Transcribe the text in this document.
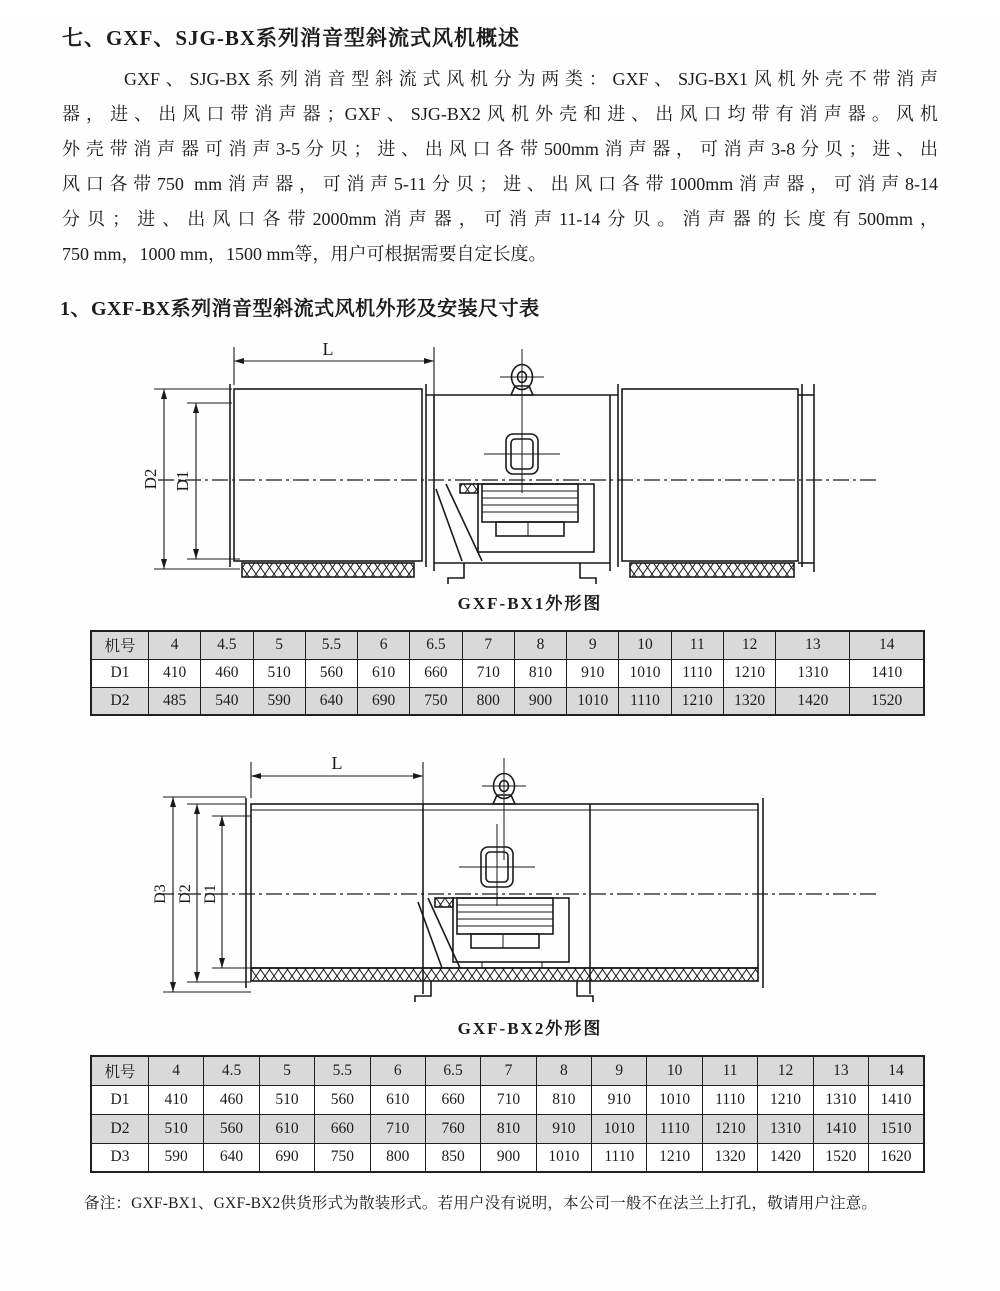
七、GXF、SJG-BX系列消音型斜流式风机概述
GXF、SJG-BX系列消音型斜流式风机分为两类：GXF、SJG-BX1风机外壳不带消声
器，进、出风口带消声器；GXF、SJG-BX2风机外壳和进、出风口均带有消声器。风机
外壳带消声器可消声3-5分贝；进、出风口各带500mm消声器，可消声3-8分贝；进、出
风口各带750 mm消声器，可消声5-11分贝；进、出风口各带1000mm消声器，可消声8-14
分贝；进、出风口各带2000mm消声器，可消声11-14分贝。消声器的长度有500mm，
750 mm，1000 mm，1500 mm等，用户可根据需要自定长度。
1、GXF-BX系列消音型斜流式风机外形及安装尺寸表
L
D2 D1
GXF-BX1外形图
机号	4	4.5	5	5.5	6	6.5	7	8	9	10	11	12	13	14
D1	410	460	510	560	610	660	710	810	910	1010	1110	1210	1310	1410
D2	485	540	590	640	690	750	800	900	1010	1110	1210	1320	1420	1520
L
D3 D2 D1
GXF-BX2外形图
机号	4	4.5	5	5.5	6	6.5	7	8	9	10	11	12	13	14
D1	410	460	510	560	610	660	710	810	910	1010	1110	1210	1310	1410
D2	510	560	610	660	710	760	810	910	1010	1110	1210	1310	1410	1510
D3	590	640	690	750	800	850	900	1010	1110	1210	1320	1420	1520	1620
备注：GXF-BX1、GXF-BX2供货形式为散装形式。若用户没有说明，本公司一般不在法兰上打孔，敬请用户注意。
